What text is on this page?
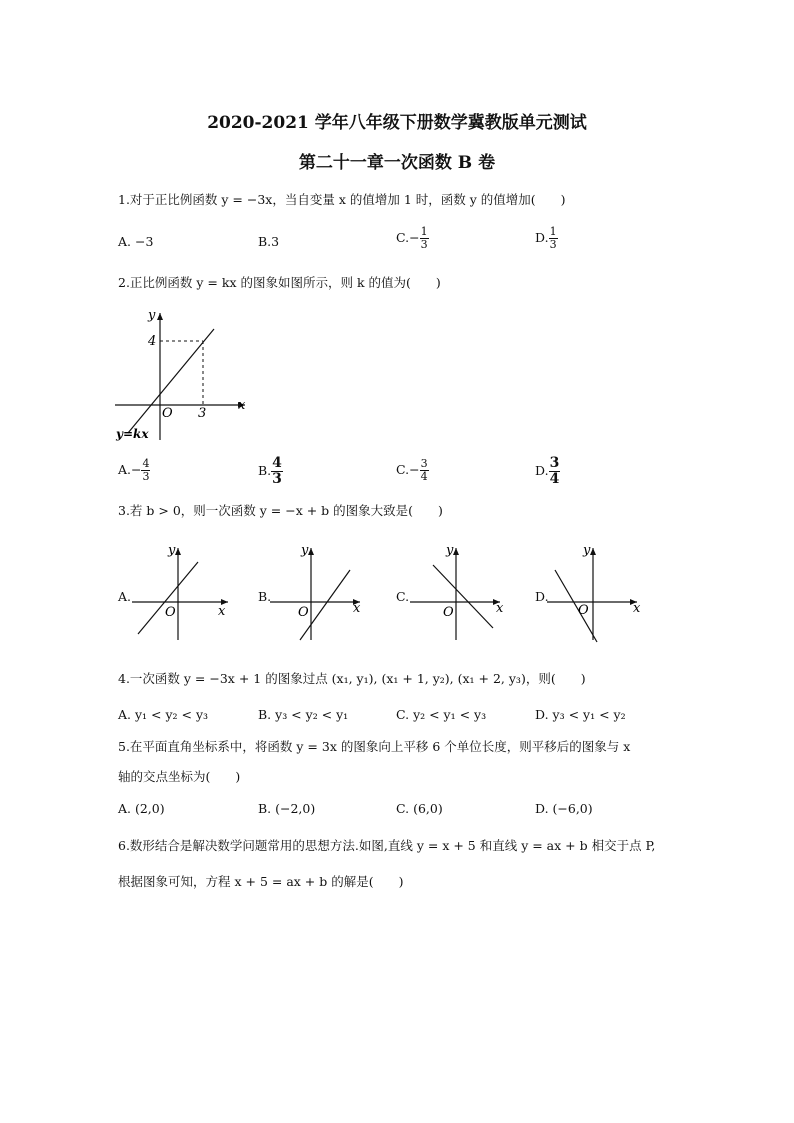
2020-2021 学年八年级下册数学冀教版单元测试
第二十一章一次函数 B 卷
1.对于正比例函数 y = −3x，当自变量 x 的值增加 1 时，函数 y 的值增加(　　)
A. −3	B.3	$C.- \frac{1}{3}$	D. $\frac{1}{3}$
2.正比例函数 y = kx 的图象如图所示，则 k 的值为(　　)
y
x
O 3
4
y=kx
$A.- \frac{4}{3}$	B. $\frac{4}{3}$	$C.- \frac{3}{4}$	D. $\frac{3}{4}$
3.若 b > 0，则一次函数 y = −x + b 的图象大致是(　　)
A.
y
x
O
B.
y
x
O
C.
y
x
O
D.
y
x
O
4.一次函数 y = −3x + 1 的图象过点 (x₁, y₁), (x₁ + 1, y₂), (x₁ + 2, y₃)，则(　　)
A. y₁ < y₂ < y₃	B. y₃ < y₂ < y₁	C. y₂ < y₁ < y₃	D. y₃ < y₁ < y₂
5.在平面直角坐标系中，将函数 y = 3x 的图象向上平移 6 个单位长度，则平移后的图象与 x
轴的交点坐标为(　　)
A. (2,0)	B. (−2,0)	C. (6,0)	D. (−6,0)
6.数形结合是解决数学问题常用的思想方法.如图,直线 y = x + 5 和直线 y = ax + b 相交于点 P,
根据图象可知，方程 x + 5 = ax + b 的解是(　　)
